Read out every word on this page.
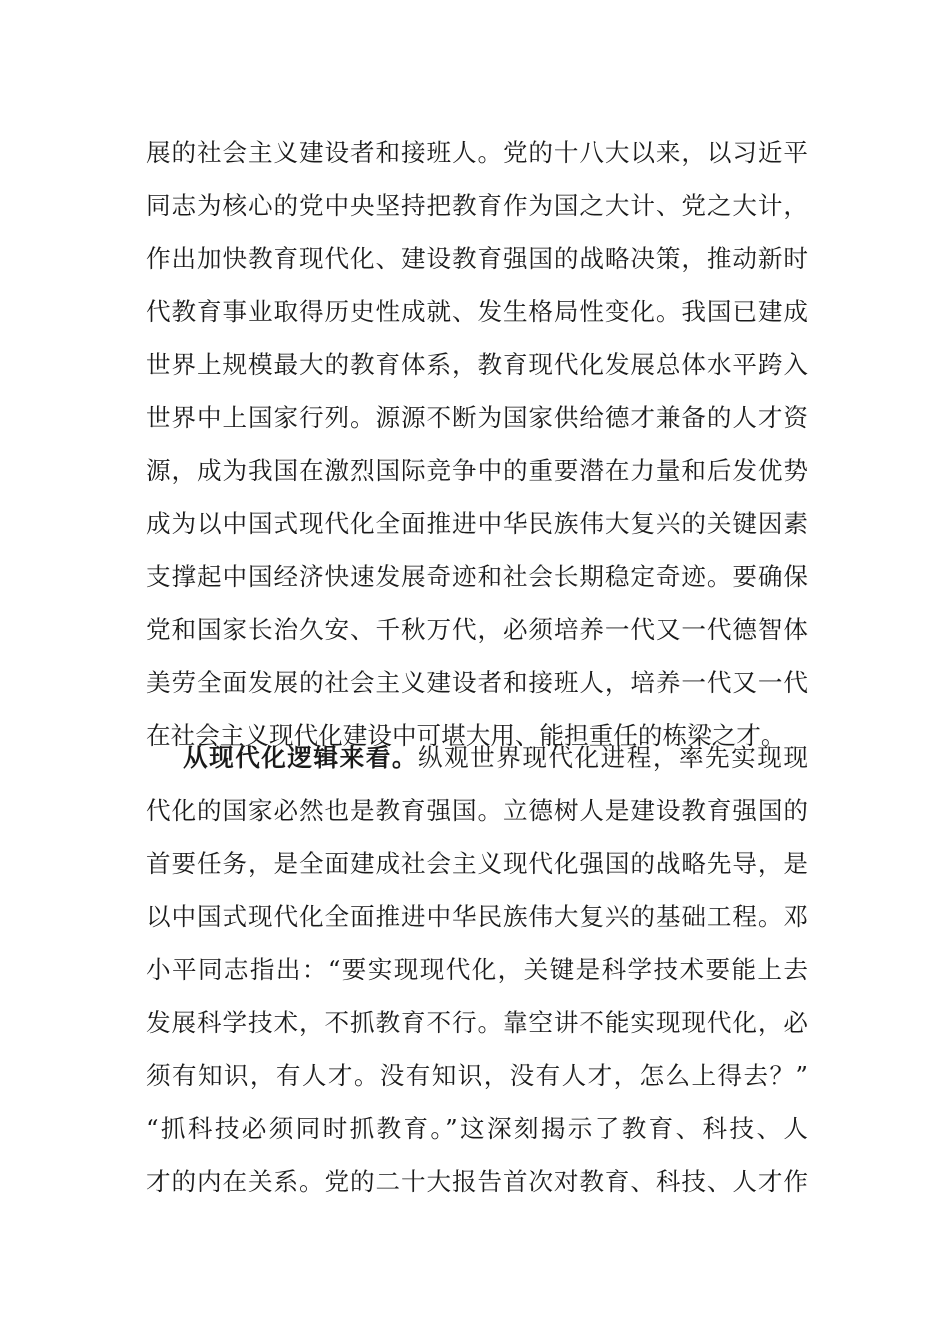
展的社会主义建设者和接班人。党的十八大以来，以习近平
同志为核心的党中央坚持把教育作为国之大计、党之大计，
作出加快教育现代化、建设教育强国的战略决策，推动新时
代教育事业取得历史性成就、发生格局性变化。我国已建成
世界上规模最大的教育体系，教育现代化发展总体水平跨入
世界中上国家行列。源源不断为国家供给德才兼备的人才资
源，成为我国在激烈国际竞争中的重要潜在力量和后发优势
成为以中国式现代化全面推进中华民族伟大复兴的关键因素
支撑起中国经济快速发展奇迹和社会长期稳定奇迹。要确保
党和国家长治久安、千秋万代，必须培养一代又一代德智体
美劳全面发展的社会主义建设者和接班人，培养一代又一代
在社会主义现代化建设中可堪大用、能担重任的栋梁之才。
从现代化逻辑来看。纵观世界现代化进程，率先实现现
代化的国家必然也是教育强国。立德树人是建设教育强国的
首要任务，是全面建成社会主义现代化强国的战略先导，是
以中国式现代化全面推进中华民族伟大复兴的基础工程。邓
小平同志指出：“要实现现代化，关键是科学技术要能上去
发展科学技术，不抓教育不行。靠空讲不能实现现代化，必
须有知识，有人才。没有知识，没有人才，怎么上得去？”
“抓科技必须同时抓教育。”这深刻揭示了教育、科技、人
才的内在关系。党的二十大报告首次对教育、科技、人才作
